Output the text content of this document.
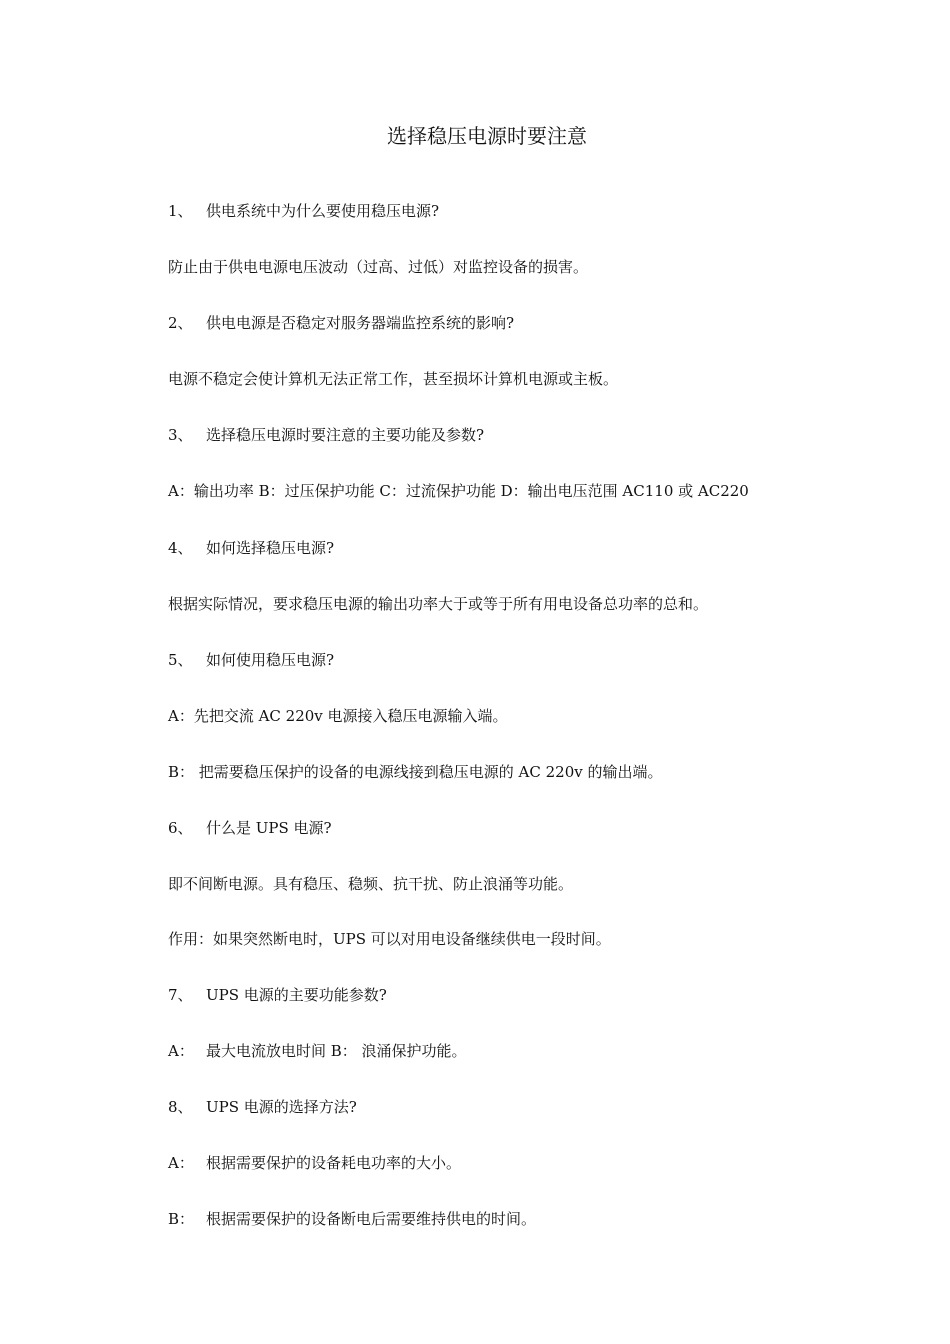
选择稳压电源时要注意

1、 供电系统中为什么要使用稳压电源?

防止由于供电电源电压波动（过高、过低）对监控设备的损害。

2、 供电电源是否稳定对服务器端监控系统的影响?

电源不稳定会使计算机无法正常工作，甚至损坏计算机电源或主板。

3、 选择稳压电源时要注意的主要功能及参数?

A：输出功率 B：过压保护功能 C：过流保护功能 D：输出电压范围 AC110 或 AC220

4、 如何选择稳压电源?

根据实际情况，要求稳压电源的输出功率大于或等于所有用电设备总功率的总和。

5、 如何使用稳压电源?

A：先把交流 AC 220v 电源接入稳压电源输入端。

B： 把需要稳压保护的设备的电源线接到稳压电源的 AC 220v 的输出端。

6、 什么是 UPS 电源?

即不间断电源。具有稳压、稳频、抗干扰、防止浪涌等功能。

作用：如果突然断电时，UPS 可以对用电设备继续供电一段时间。

7、 UPS 电源的主要功能参数?

A： 最大电流放电时间 B： 浪涌保护功能。

8、 UPS 电源的选择方法?

A： 根据需要保护的设备耗电功率的大小。

B： 根据需要保护的设备断电后需要维持供电的时间。
